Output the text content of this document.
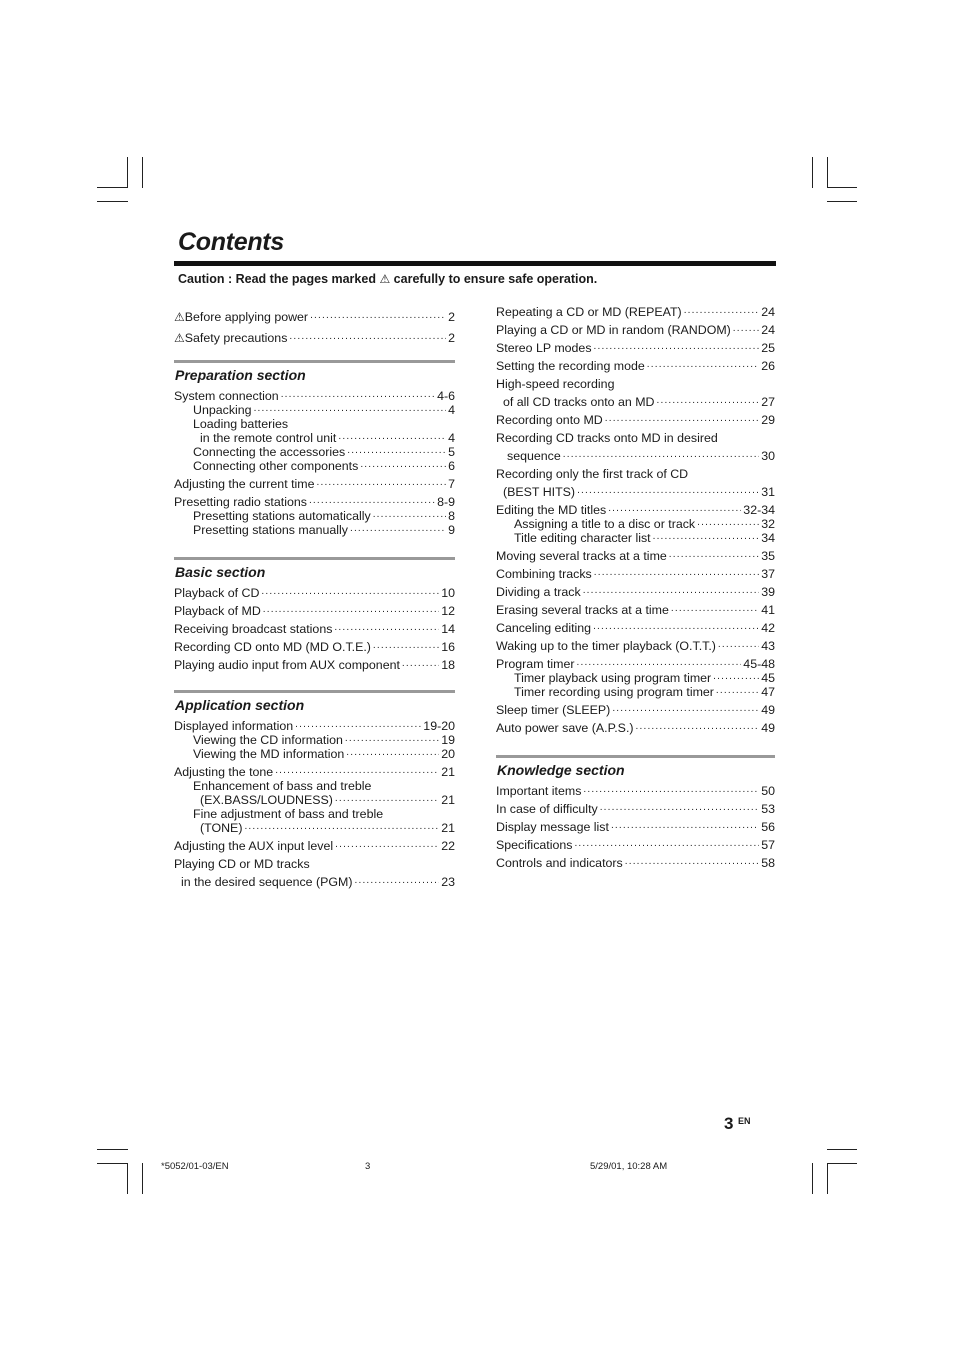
Contents
Caution : Read the pages marked ⚠ carefully to ensure safe operation.
⚠Before applying power .....	2
⚠Safety precautions .....	2
Preparation section
System connection .....	4-6
Unpacking .....	4
Loading batteries
in the remote control unit .....	4
Connecting the accessories .....	5
Connecting other components .....	6
Adjusting the current time .....	7
Presetting radio stations .....	8-9
Presetting stations automatically .....	8
Presetting stations manually .....	9
Basic section
Playback of CD .....	10
Playback of MD .....	12
Receiving broadcast stations .....	14
Recording CD onto MD (MD O.T.E.) .....	16
Playing audio input from AUX component .....	18
Application section
Displayed information .....	19-20
Viewing the CD information .....	19
Viewing the MD information .....	20
Adjusting the tone .....	21
Enhancement of bass and treble
(EX.BASS/LOUDNESS) .....	21
Fine adjustment of bass and treble
(TONE) .....	21
Adjusting the AUX input level .....	22
Playing CD or MD tracks
in the desired sequence (PGM) .....	23
Repeating a CD or MD (REPEAT) .....	24
Playing a CD or MD in random (RANDOM) ..... 24
Stereo LP modes .....	25
Setting the recording mode .....	26
High-speed recording
of all CD tracks onto an MD .....	27
Recording onto MD .....	29
Recording CD tracks onto MD in desired
sequence .....	30
Recording only the first track of CD
(BEST HITS) .....	31
Editing the MD titles .....	32-34
Assigning a title to a disc or track .....	32
Title editing character list .....	34
Moving several tracks at a time .....	35
Combining tracks .....	37
Dividing a track .....	39
Erasing several tracks at a time .....	41
Canceling editing .....	42
Waking up to the timer playback (O.T.T.) .....	43
Program timer .....	45-48
Timer playback using program timer .....	45
Timer recording using program timer .....	47
Sleep timer (SLEEP) .....	49
Auto power save (A.P.S.) .....	49
Knowledge section
Important items .....	50
In case of difficulty .....	53
Display message list .....	56
Specifications .....	57
Controls and indicators .....	58
3 EN
*5052/01-03/EN	3	5/29/01, 10:28 AM
